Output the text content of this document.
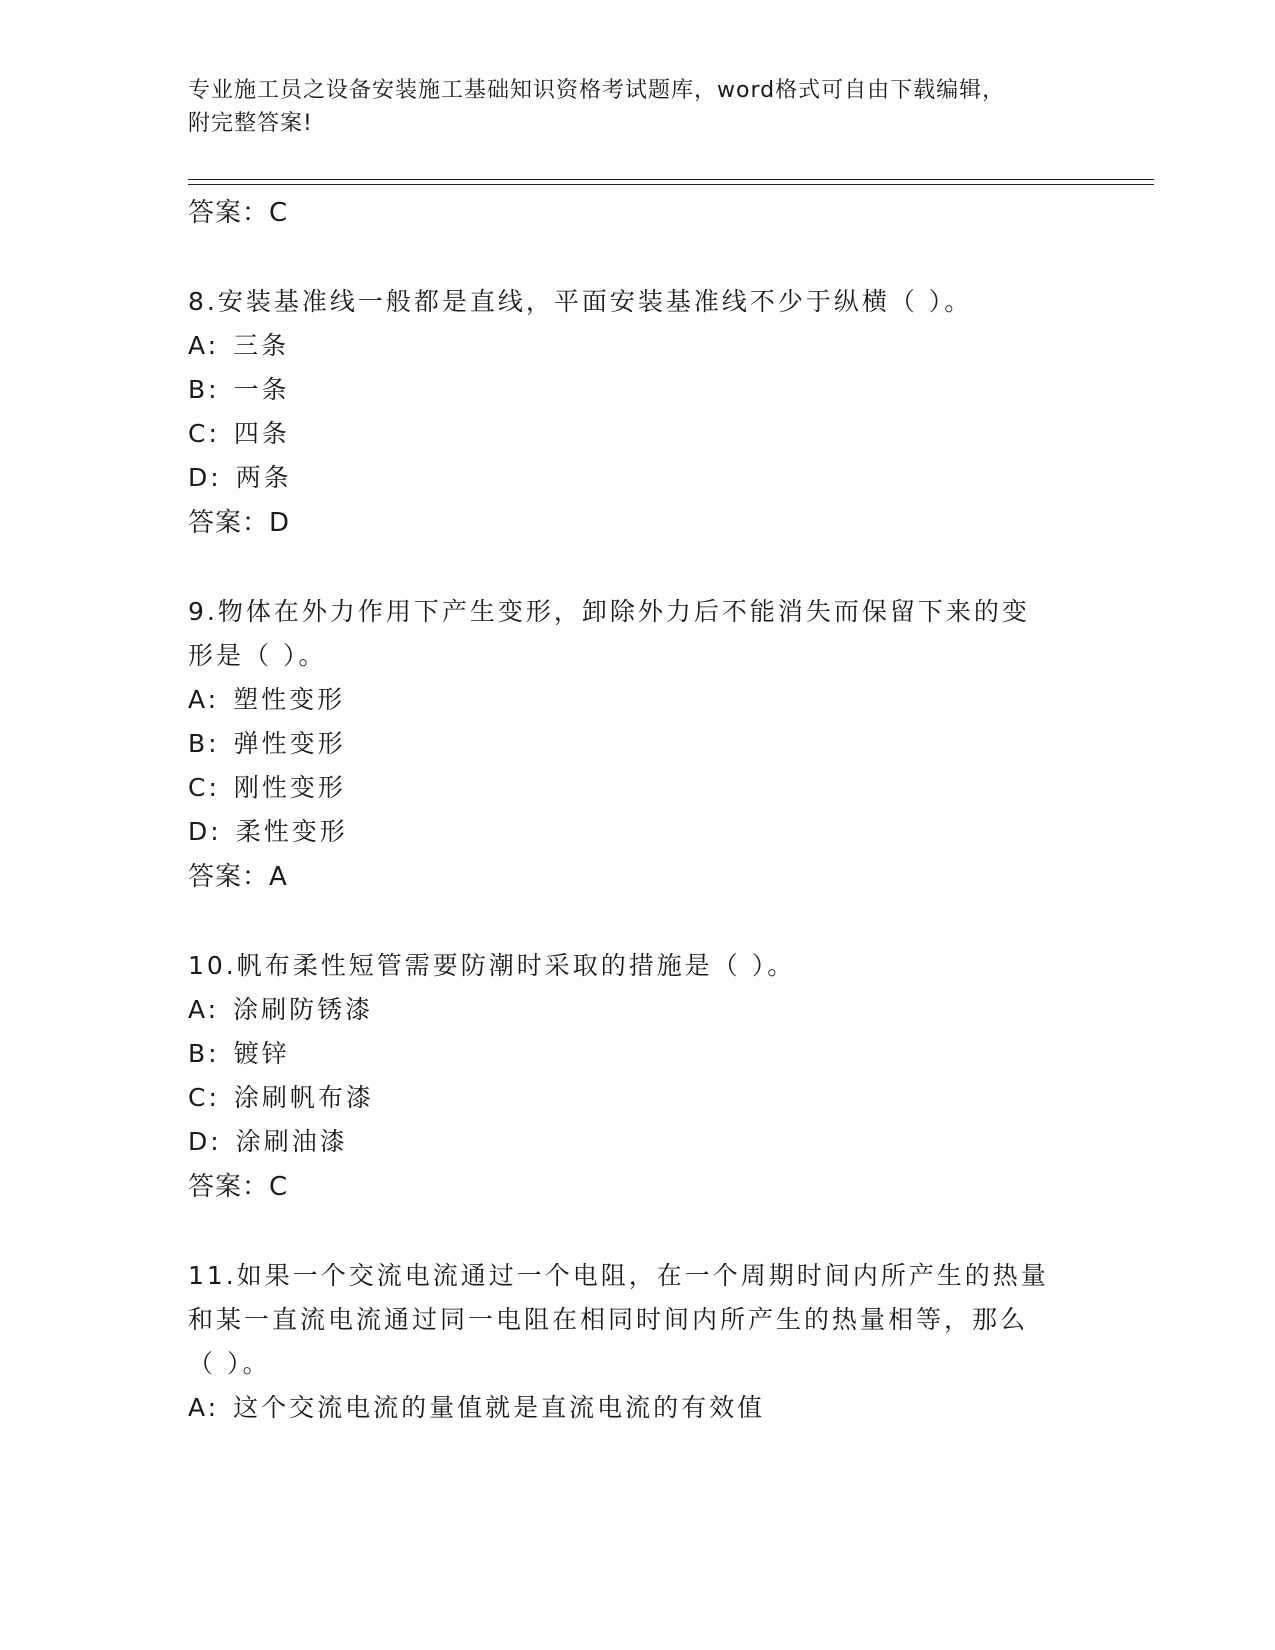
专业施工员之设备安装施工基础知识资格考试题库，word格式可自由下载编辑，
附完整答案!
答案：C
8.安装基准线一般都是直线，平面安装基准线不少于纵横（ ）。
A: 三条
B: 一条
C: 四条
D: 两条
答案：D
9.物体在外力作用下产生变形，卸除外力后不能消失而保留下来的变
形是（ ）。
A: 塑性变形
B: 弹性变形
C: 刚性变形
D: 柔性变形
答案：A
10.帆布柔性短管需要防潮时采取的措施是（ ）。
A: 涂刷防锈漆
B: 镀锌
C: 涂刷帆布漆
D: 涂刷油漆
答案：C
11.如果一个交流电流通过一个电阻，在一个周期时间内所产生的热量
和某一直流电流通过同一电阻在相同时间内所产生的热量相等，那么
（ ）。
A: 这个交流电流的量值就是直流电流的有效值
